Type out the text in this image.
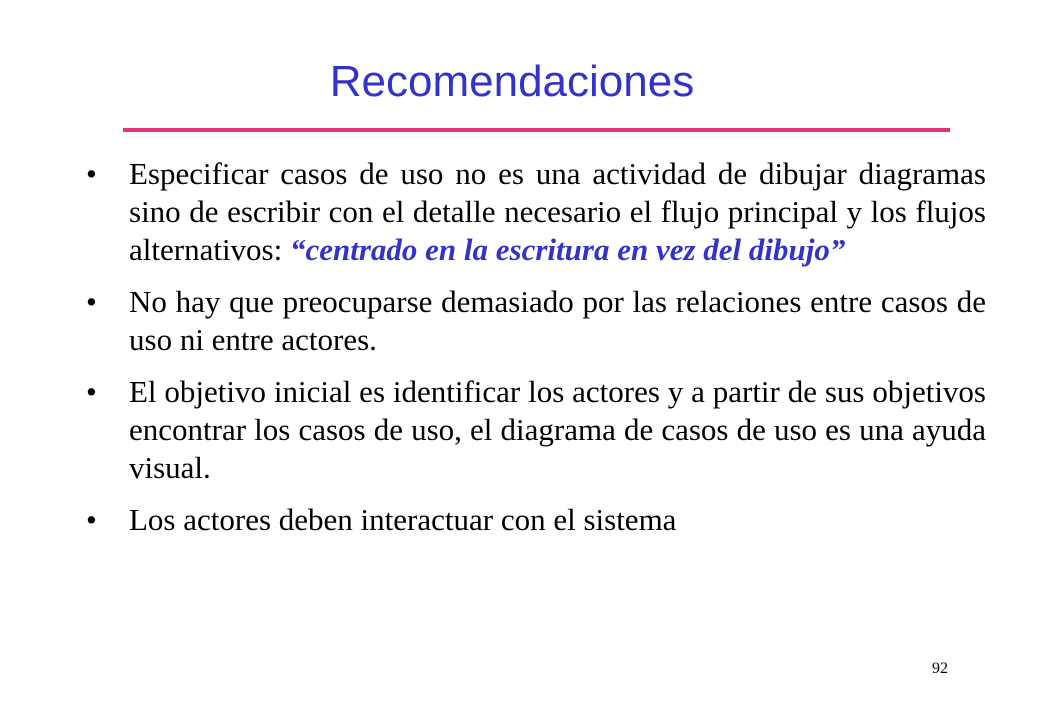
Recomendaciones
• Especificar casos de uso no es una actividad de dibujar diagramas sino de escribir con el detalle necesario el flujo principal y los flujos alternativos: “centrado en la escritura en vez del dibujo”
• No hay que preocuparse demasiado por las relaciones entre casos de uso ni entre actores.
• El objetivo inicial es identificar los actores y a partir de sus objetivos encontrar los casos de uso, el diagrama de casos de uso es una ayuda visual.
• Los actores deben interactuar con el sistema
92
